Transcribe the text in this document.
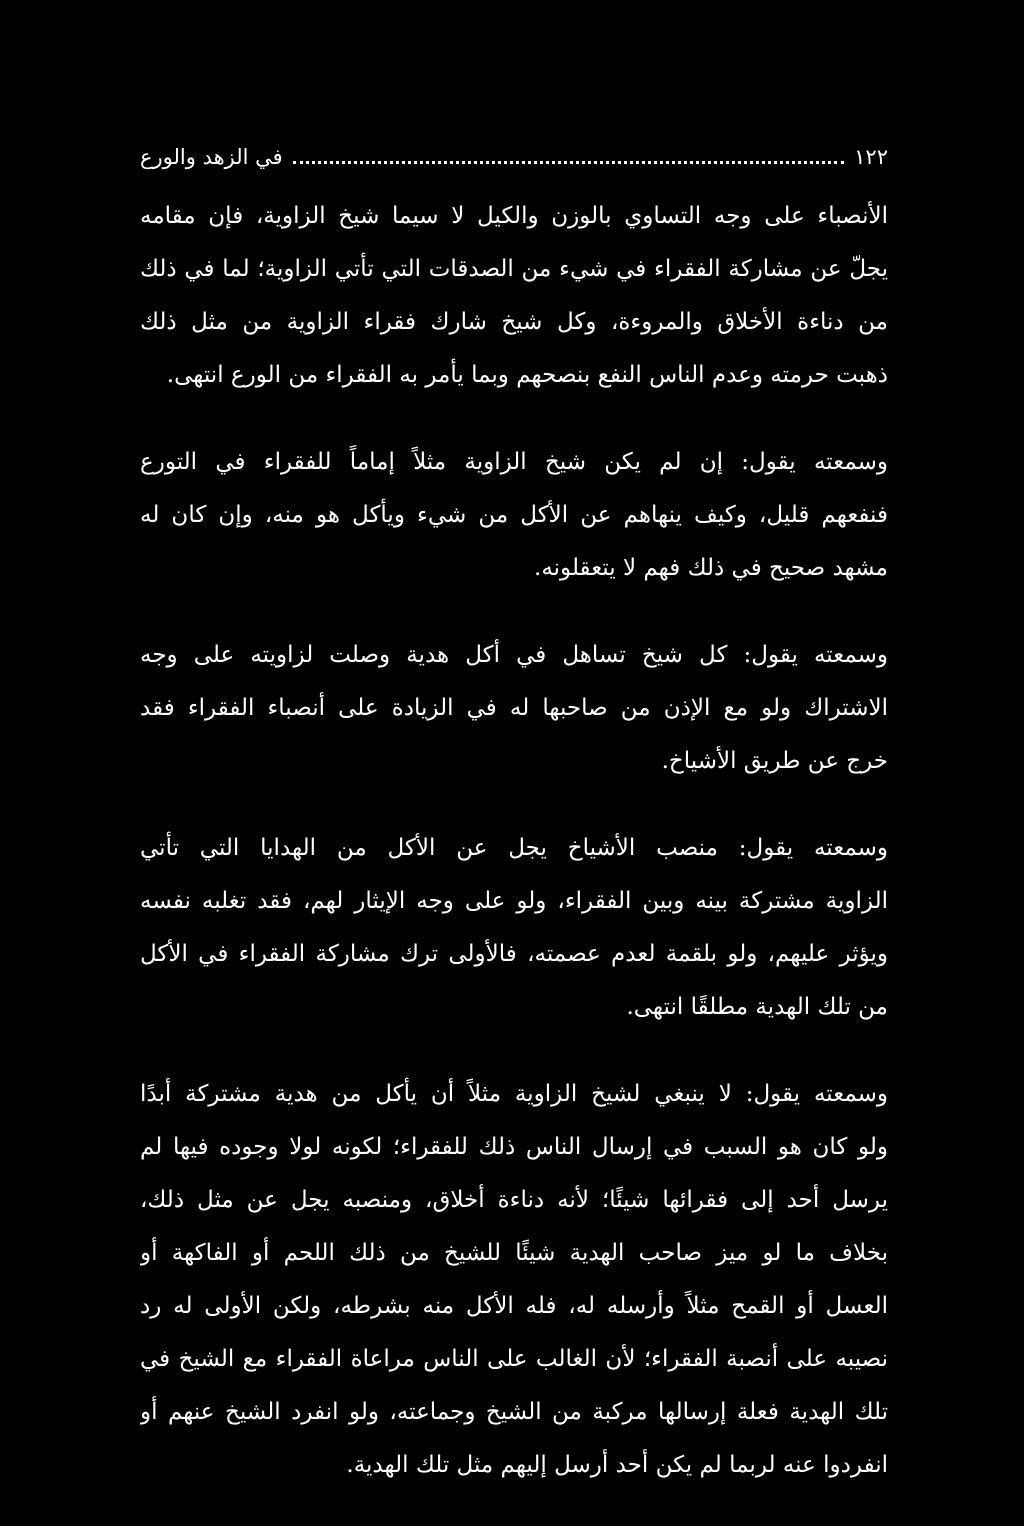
في الزهد والورع	١٢٢
الأنصباء على وجه التساوي بالوزن والكيل لا سيما شيخ الزاوية، فإن مقامه
يجلّ عن مشاركة الفقراء في شيء من الصدقات التي تأتي الزاوية؛ لما في ذلك
من دناءة الأخلاق والمروءة، وكل شيخ شارك فقراء الزاوية من مثل ذلك
ذهبت حرمته وعدم الناس النفع بنصحهم وبما يأمر به الفقراء من الورع انتهى.
وسمعته يقول: إن لم يكن شيخ الزاوية مثلاً إماماً للفقراء في التورع
فنفعهم قليل، وكيف ينهاهم عن الأكل من شيء ويأكل هو منه، وإن كان له
مشهد صحيح في ذلك فهم لا يتعقلونه.
وسمعته يقول: كل شيخ تساهل في أكل هدية وصلت لزاويته على وجه
الاشتراك ولو مع الإذن من صاحبها له في الزيادة على أنصباء الفقراء فقد
خرج عن طريق الأشياخ.
وسمعته يقول: منصب الأشياخ يجل عن الأكل من الهدايا التي تأتي
الزاوية مشتركة بينه وبين الفقراء، ولو على وجه الإيثار لهم، فقد تغلبه نفسه
ويؤثر عليهم، ولو بلقمة لعدم عصمته، فالأولى ترك مشاركة الفقراء في الأكل
من تلك الهدية مطلقًا انتهى.
وسمعته يقول: لا ينبغي لشيخ الزاوية مثلاً أن يأكل من هدية مشتركة أبدًا
ولو كان هو السبب في إرسال الناس ذلك للفقراء؛ لكونه لولا وجوده فيها لم
يرسل أحد إلى فقرائها شيئًا؛ لأنه دناءة أخلاق، ومنصبه يجل عن مثل ذلك،
بخلاف ما لو ميز صاحب الهدية شيئًا للشيخ من ذلك اللحم أو الفاكهة أو
العسل أو القمح مثلاً وأرسله له، فله الأكل منه بشرطه، ولكن الأولى له رد
نصيبه على أنصبة الفقراء؛ لأن الغالب على الناس مراعاة الفقراء مع الشيخ في
تلك الهدية فعلة إرسالها مركبة من الشيخ وجماعته، ولو انفرد الشيخ عنهم أو
انفردوا عنه لربما لم يكن أحد أرسل إليهم مثل تلك الهدية.
